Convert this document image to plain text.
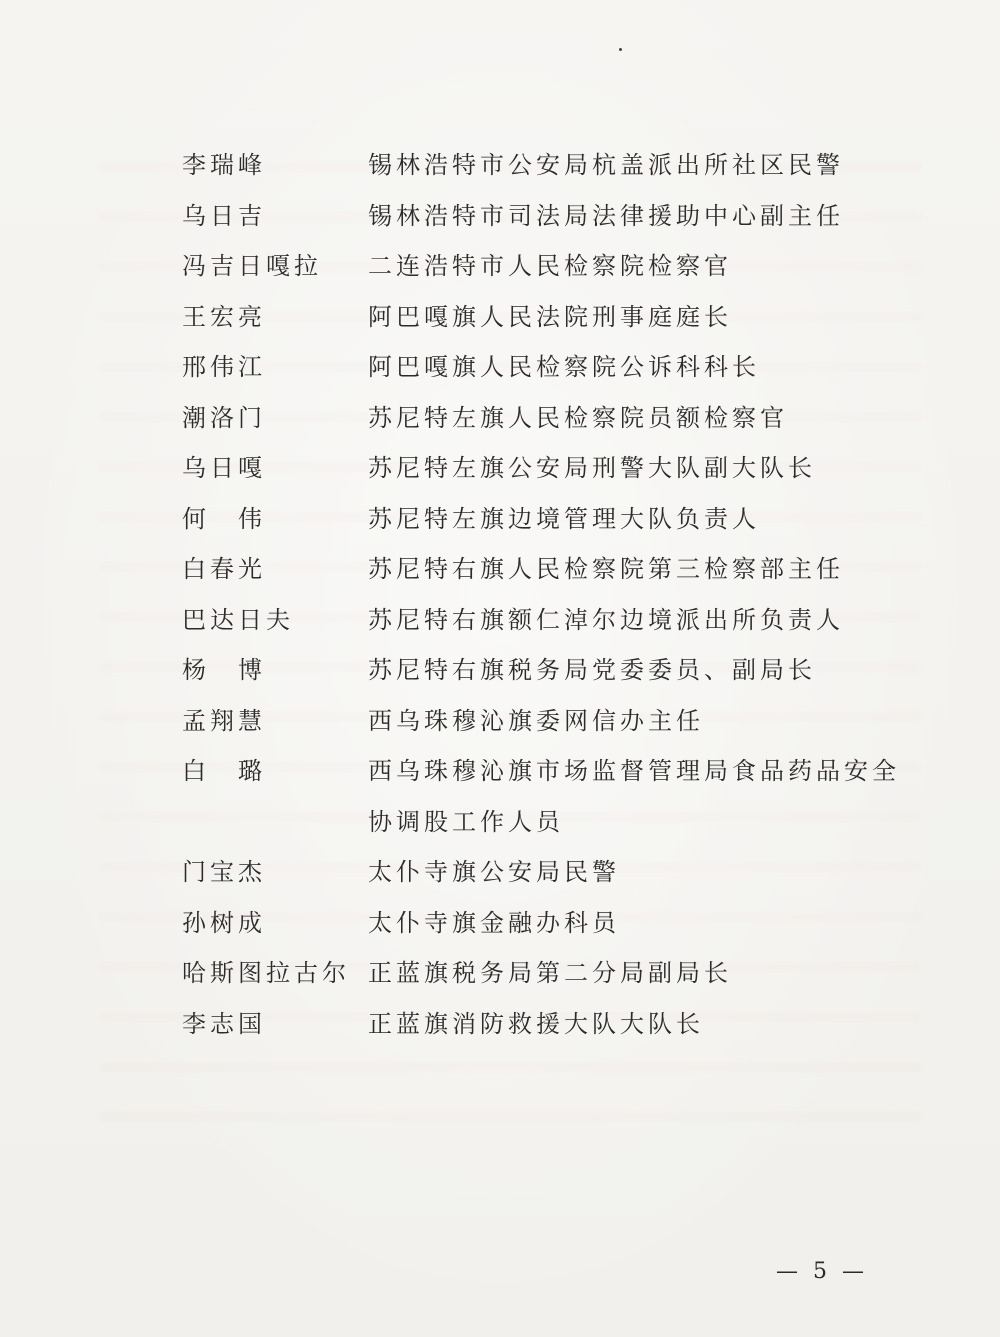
李瑞峰	锡林浩特市公安局杭盖派出所社区民警
乌日吉	锡林浩特市司法局法律援助中心副主任
冯吉日嘎拉 二连浩特市人民检察院检察官
王宏亮	阿巴嘎旗人民法院刑事庭庭长
邢伟江	阿巴嘎旗人民检察院公诉科科长
潮洛门	苏尼特左旗人民检察院员额检察官
乌日嘎	苏尼特左旗公安局刑警大队副大队长
何　伟	苏尼特左旗边境管理大队负责人
白春光	苏尼特右旗人民检察院第三检察部主任
巴达日夫	苏尼特右旗额仁淖尔边境派出所负责人
杨　博	苏尼特右旗税务局党委委员、副局长
孟翔慧	西乌珠穆沁旗委网信办主任
白　璐	西乌珠穆沁旗市场监督管理局食品药品安全
协调股工作人员
门宝杰	太仆寺旗公安局民警
孙树成	太仆寺旗金融办科员
哈斯图拉古尔 正蓝旗税务局第二分局副局长
李志国	正蓝旗消防救援大队大队长
— 5 —
